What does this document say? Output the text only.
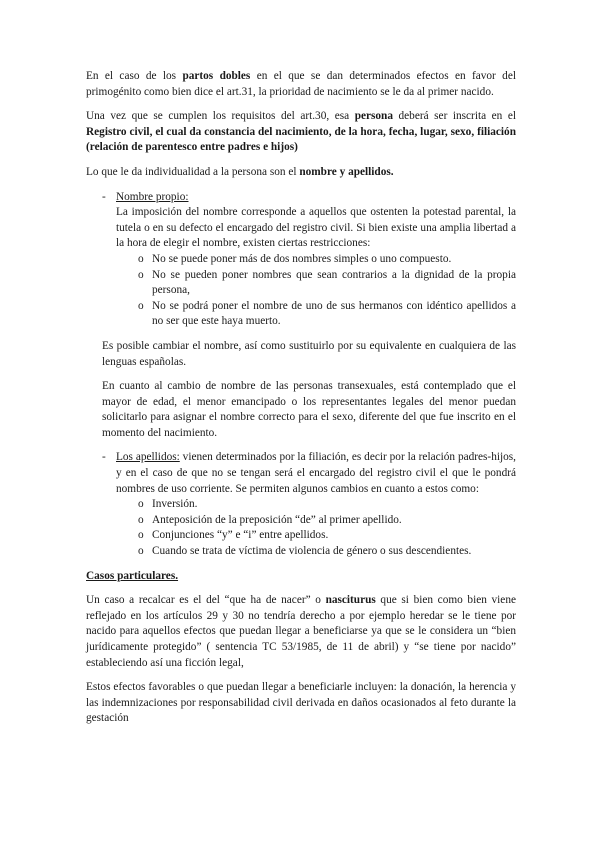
En el caso de los partos dobles en el que se dan determinados efectos en favor del primogénito como bien dice el art.31, la prioridad de nacimiento se le da al primer nacido.

Una vez que se cumplen los requisitos del art.30, esa persona deberá ser inscrita en el Registro civil, el cual da constancia del nacimiento, de la hora, fecha, lugar, sexo, filiación (relación de parentesco entre padres e hijos)

Lo que le da individualidad a la persona son el nombre y apellidos.

- Nombre propio:
La imposición del nombre corresponde a aquellos que ostenten la potestad parental, la tutela o en su defecto el encargado del registro civil. Si bien existe una amplia libertad a la hora de elegir el nombre, existen ciertas restricciones:
o No se puede poner más de dos nombres simples o uno compuesto.
o No se pueden poner nombres que sean contrarios a la dignidad de la propia persona,
o No se podrá poner el nombre de uno de sus hermanos con idéntico apellidos a no ser que este haya muerto.

Es posible cambiar el nombre, así como sustituirlo por su equivalente en cualquiera de las lenguas españolas.

En cuanto al cambio de nombre de las personas transexuales, está contemplado que el mayor de edad, el menor emancipado o los representantes legales del menor puedan solicitarlo para asignar el nombre correcto para el sexo, diferente del que fue inscrito en el momento del nacimiento.

- Los apellidos: vienen determinados por la filiación, es decir por la relación padres-hijos, y en el caso de que no se tengan será el encargado del registro civil el que le pondrá nombres de uso corriente. Se permiten algunos cambios en cuanto a estos como:
o Inversión.
o Anteposición de la preposición “de” al primer apellido.
o Conjunciones “y” e “i” entre apellidos.
o Cuando se trata de víctima de violencia de género o sus descendientes.

Casos particulares.

Un caso a recalcar es el del “que ha de nacer” o nasciturus que si bien como bien viene reflejado en los artículos 29 y 30 no tendría derecho a por ejemplo heredar se le tiene por nacido para aquellos efectos que puedan llegar a beneficiarse ya que se le considera un “bien jurídicamente protegido” ( sentencia TC 53/1985, de 11 de abril) y “se tiene por nacido” estableciendo así una ficción legal,

Estos efectos favorables o que puedan llegar a beneficiarle incluyen: la donación, la herencia y las indemnizaciones por responsabilidad civil derivada en daños ocasionados al feto durante la gestación
